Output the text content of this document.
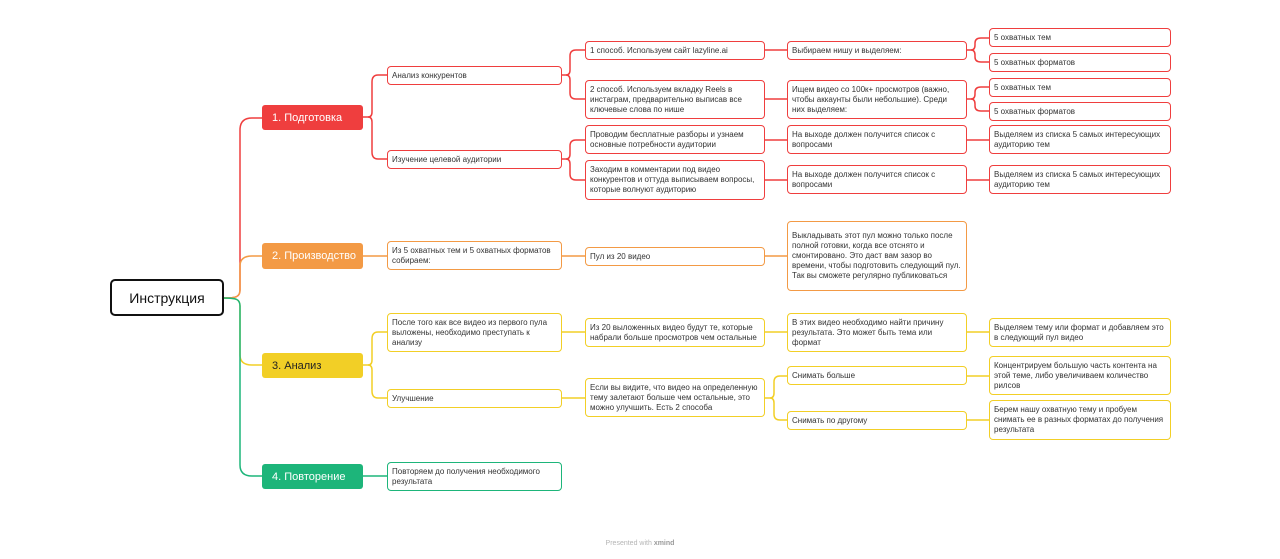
Инструкция
1. Подготовка
2. Производство
3. Анализ
4. Повторение
Анализ конкурентов
1 способ. Используем сайт lazyline.ai	Выбираем нишу и выделяем:
5 охватных тем
5 охватных форматов
2 способ. Используем вкладку Reels в инстаграм, предварительно выписав все ключевые слова по нише
Ищем видео со 100к+ просмотров (важно, чтобы аккаунты были небольшие). Среди них выделяем:
5 охватных тем
5 охватных форматов
Изучение целевой аудитории
Проводим бесплатные разборы и узнаем основные потребности аудитории
На выходе должен получится список с вопросами
Выделяем из списка 5 самых интересующих аудиторию тем
Заходим в комментарии под видео конкурентов и оттуда выписываем вопросы, которые волнуют аудиторию
На выходе должен получится список с вопросами
Выделяем из списка 5 самых интересующих аудиторию тем
Из 5 охватных тем и 5 охватных форматов собираем:	Пул из 20 видео
Выкладывать этот пул можно только после полной готовки, когда все отснято и смонтировано. Это даст вам зазор во времени, чтобы подготовить следующий пул. Так вы сможете регулярно публиковаться
После того как все видео из первого пула выложены, необходимо преступать к анализу
Из 20 выложенных видео будут те, которые набрали больше просмотров чем остальные
В этих видео необходимо найти причину результата. Это может быть тема или формат
Выделяем тему или формат и добавляем это в следующий пул видео
Улучшение
Если вы видите, что видео на определенную тему залетают больше чем остальные, это можно улучшить. Есть 2 способа
Снимать больше
Концентрируем большую часть контента на этой теме, либо увеличиваем количество рилсов
Снимать по другому
Берем нашу охватную тему и пробуем снимать ее в разных форматах до получения результата
Повторяем до получения необходимого результата
Presented with xmind
